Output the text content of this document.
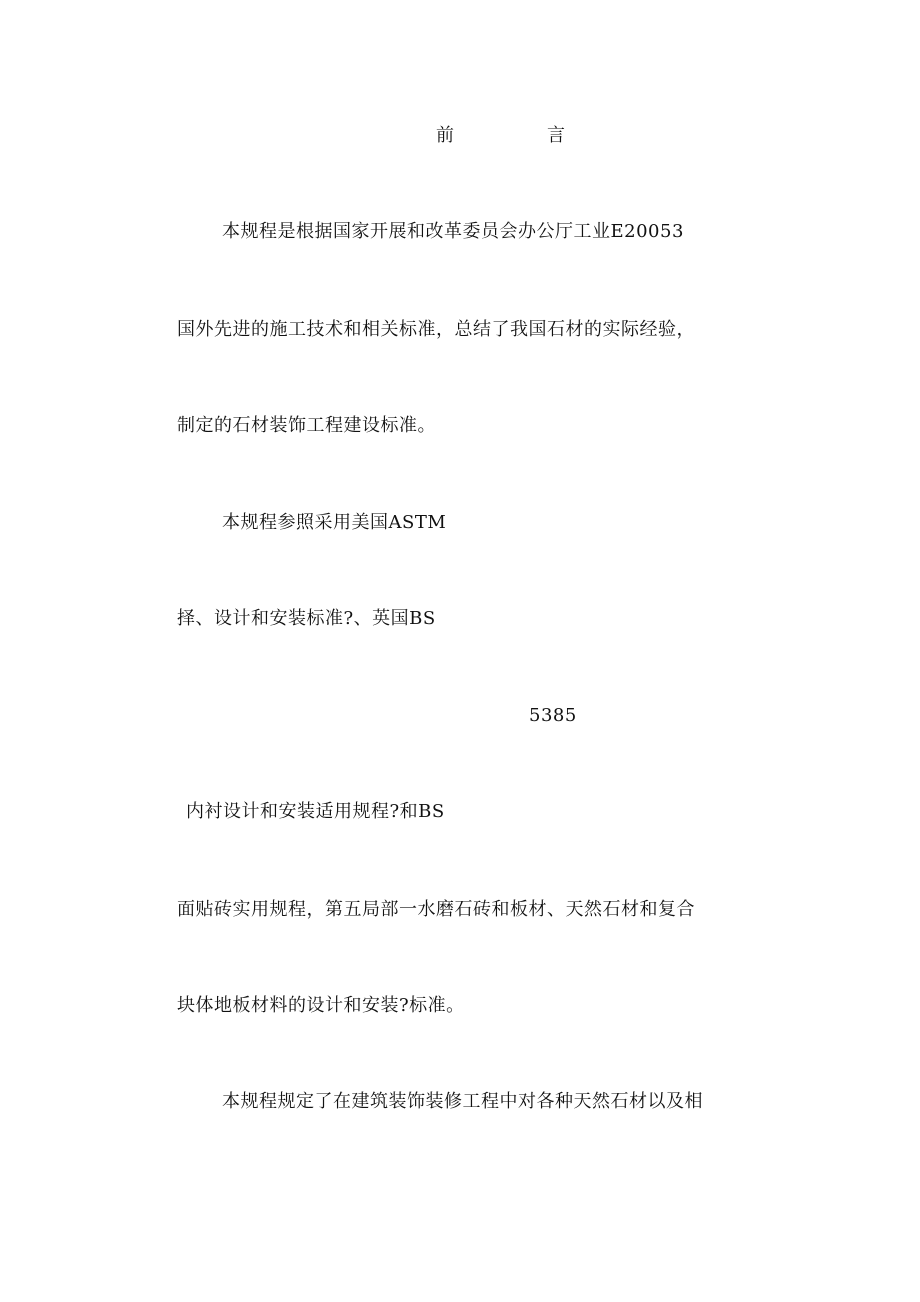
前	言
本规程是根据国家开展和改革委员会办公厅工业E20053
国外先进的施工技术和相关标准，总结了我国石材的实际经验，
制定的石材装饰工程建设标准。
本规程参照采用美国ASTM
择、设计和安装标准?、英国BS
5385
内衬设计和安装适用规程?和BS
面贴砖实用规程，第五局部一水磨石砖和板材、天然石材和复合
块体地板材料的设计和安装?标准。
本规程规定了在建筑装饰装修工程中对各种天然石材以及相
